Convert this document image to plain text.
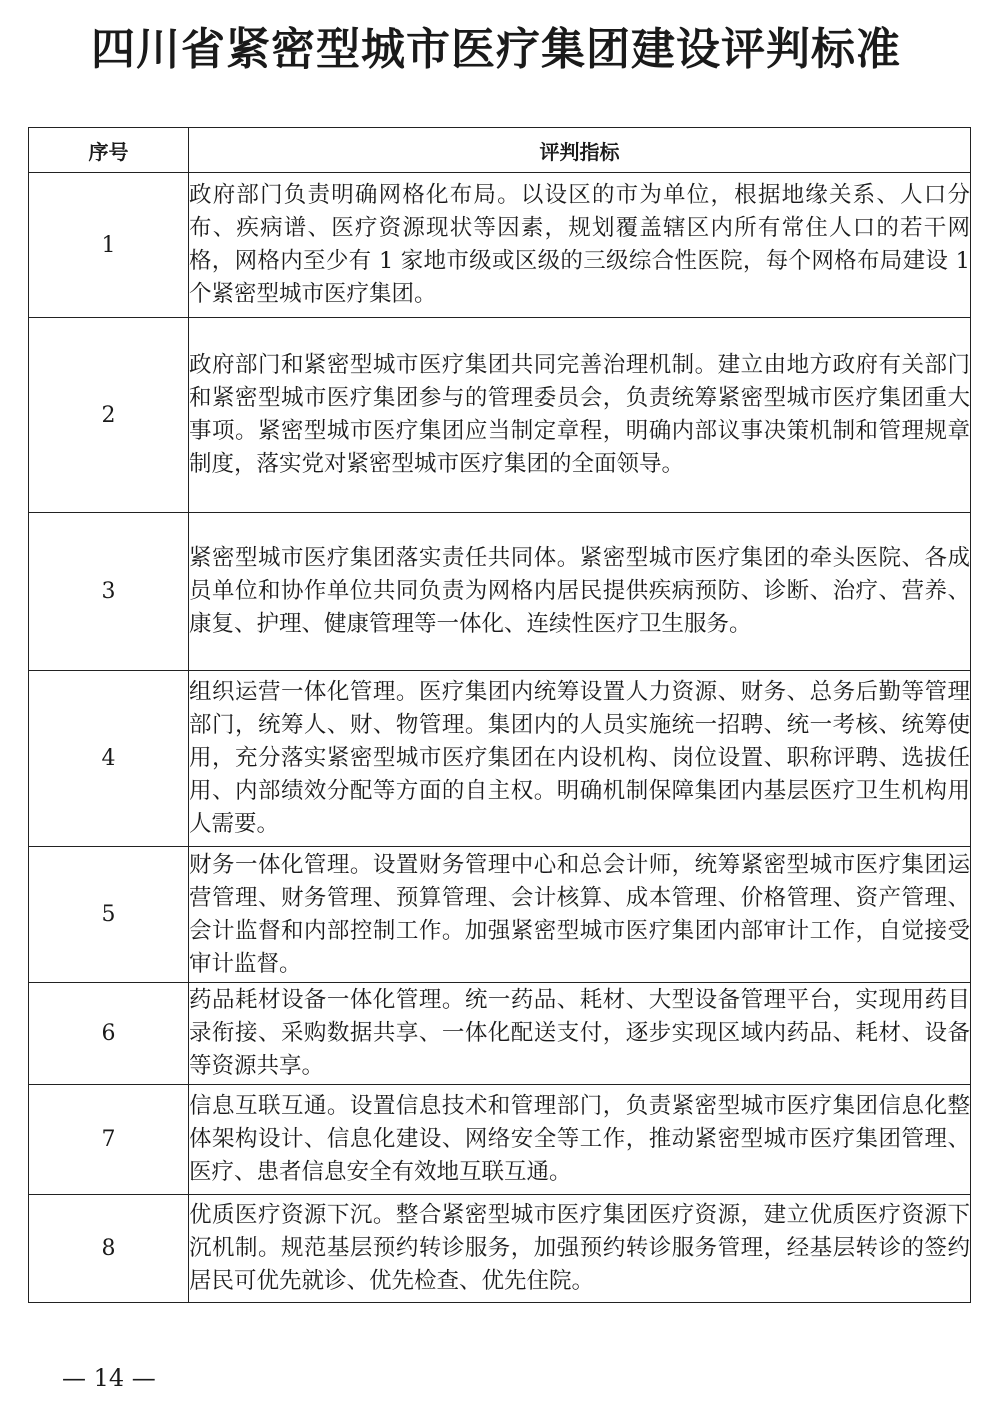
四川省紧密型城市医疗集团建设评判标准
序号	评判指标
1	政府部门负责明确网格化布局。以设区的市为单位，根据地缘关系、人口分布、疾病谱、医疗资源现状等因素，规划覆盖辖区内所有常住人口的若干网格，网格内至少有 1 家地市级或区级的三级综合性医院，每个网格布局建设 1 个紧密型城市医疗集团。
2	政府部门和紧密型城市医疗集团共同完善治理机制。建立由地方政府有关部门和紧密型城市医疗集团参与的管理委员会，负责统筹紧密型城市医疗集团重大事项。紧密型城市医疗集团应当制定章程，明确内部议事决策机制和管理规章制度，落实党对紧密型城市医疗集团的全面领导。
3	紧密型城市医疗集团落实责任共同体。紧密型城市医疗集团的牵头医院、各成员单位和协作单位共同负责为网格内居民提供疾病预防、诊断、治疗、营养、康复、护理、健康管理等一体化、连续性医疗卫生服务。
4	组织运营一体化管理。医疗集团内统筹设置人力资源、财务、总务后勤等管理部门，统筹人、财、物管理。集团内的人员实施统一招聘、统一考核、统筹使用，充分落实紧密型城市医疗集团在内设机构、岗位设置、职称评聘、选拔任用、内部绩效分配等方面的自主权。明确机制保障集团内基层医疗卫生机构用人需要。
5	财务一体化管理。设置财务管理中心和总会计师，统筹紧密型城市医疗集团运营管理、财务管理、预算管理、会计核算、成本管理、价格管理、资产管理、会计监督和内部控制工作。加强紧密型城市医疗集团内部审计工作，自觉接受审计监督。
6	药品耗材设备一体化管理。统一药品、耗材、大型设备管理平台，实现用药目录衔接、采购数据共享、一体化配送支付，逐步实现区域内药品、耗材、设备等资源共享。
7	信息互联互通。设置信息技术和管理部门，负责紧密型城市医疗集团信息化整体架构设计、信息化建设、网络安全等工作，推动紧密型城市医疗集团管理、医疗、患者信息安全有效地互联互通。
8	优质医疗资源下沉。整合紧密型城市医疗集团医疗资源，建立优质医疗资源下沉机制。规范基层预约转诊服务，加强预约转诊服务管理，经基层转诊的签约居民可优先就诊、优先检查、优先住院。
— 14 —
